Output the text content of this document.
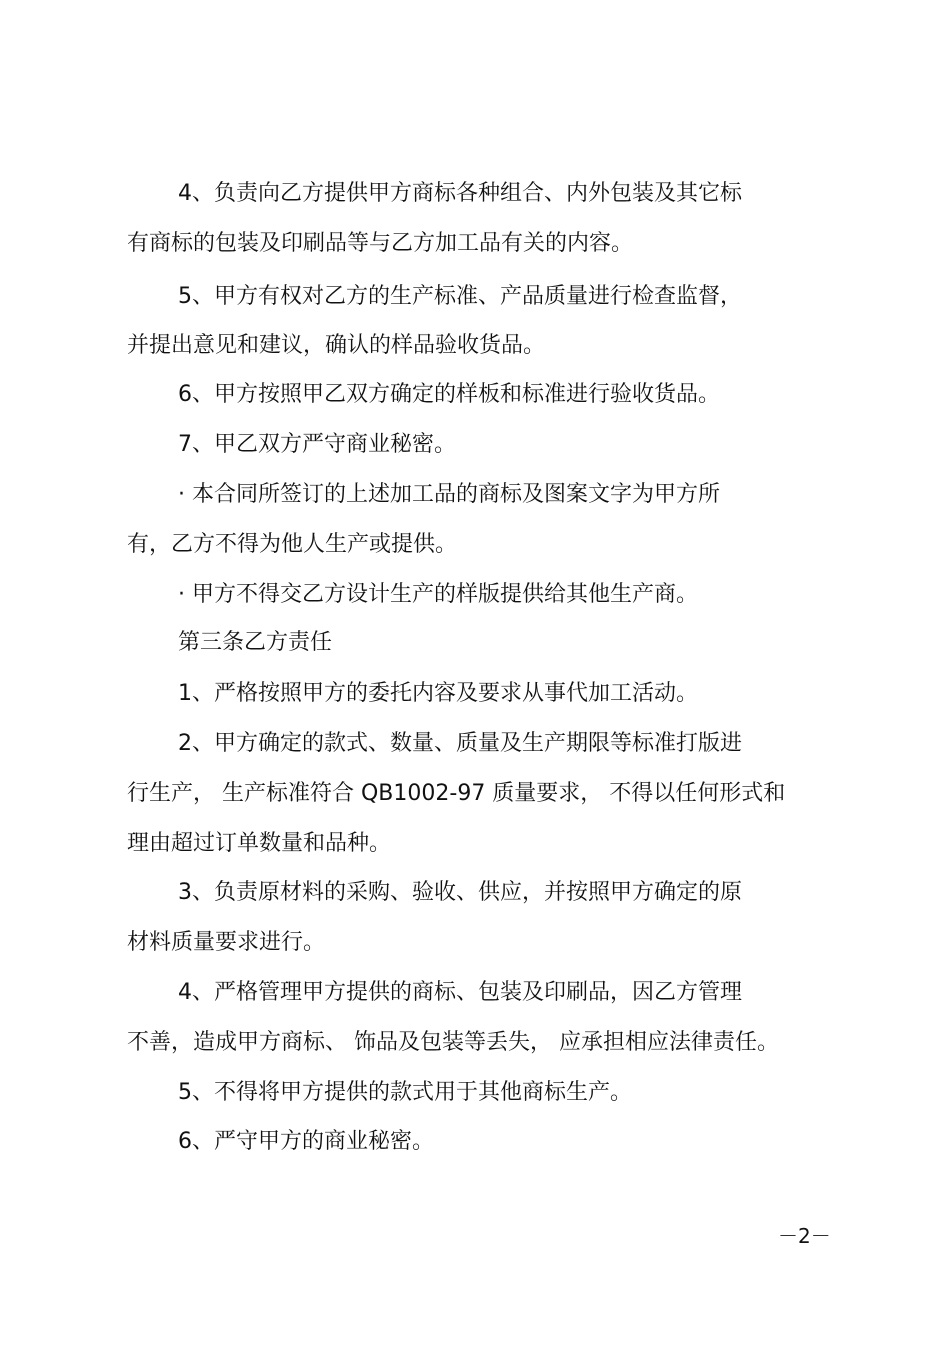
4、负责向乙方提供甲方商标各种组合、内外包装及其它标
有商标的包装及印刷品等与乙方加工品有关的内容。
5、甲方有权对乙方的生产标准、产品质量进行检查监督，
并提出意见和建议，确认的样品验收货品。
6、甲方按照甲乙双方确定的样板和标准进行验收货品。
7、甲乙双方严守商业秘密。
· 本合同所签订的上述加工品的商标及图案文字为甲方所
有，乙方不得为他人生产或提供。
· 甲方不得交乙方设计生产的样版提供给其他生产商。
第三条乙方责任
1、严格按照甲方的委托内容及要求从事代加工活动。
2、甲方确定的款式、数量、质量及生产期限等标准打版进
行生产， 生产标准符合 QB1002-97 质量要求， 不得以任何形式和
理由超过订单数量和品种。
3、负责原材料的采购、验收、供应，并按照甲方确定的原
材料质量要求进行。
4、严格管理甲方提供的商标、包装及印刷品，因乙方管理
不善，造成甲方商标、 饰品及包装等丢失， 应承担相应法律责任。
5、不得将甲方提供的款式用于其他商标生产。
6、严守甲方的商业秘密。
－2－
